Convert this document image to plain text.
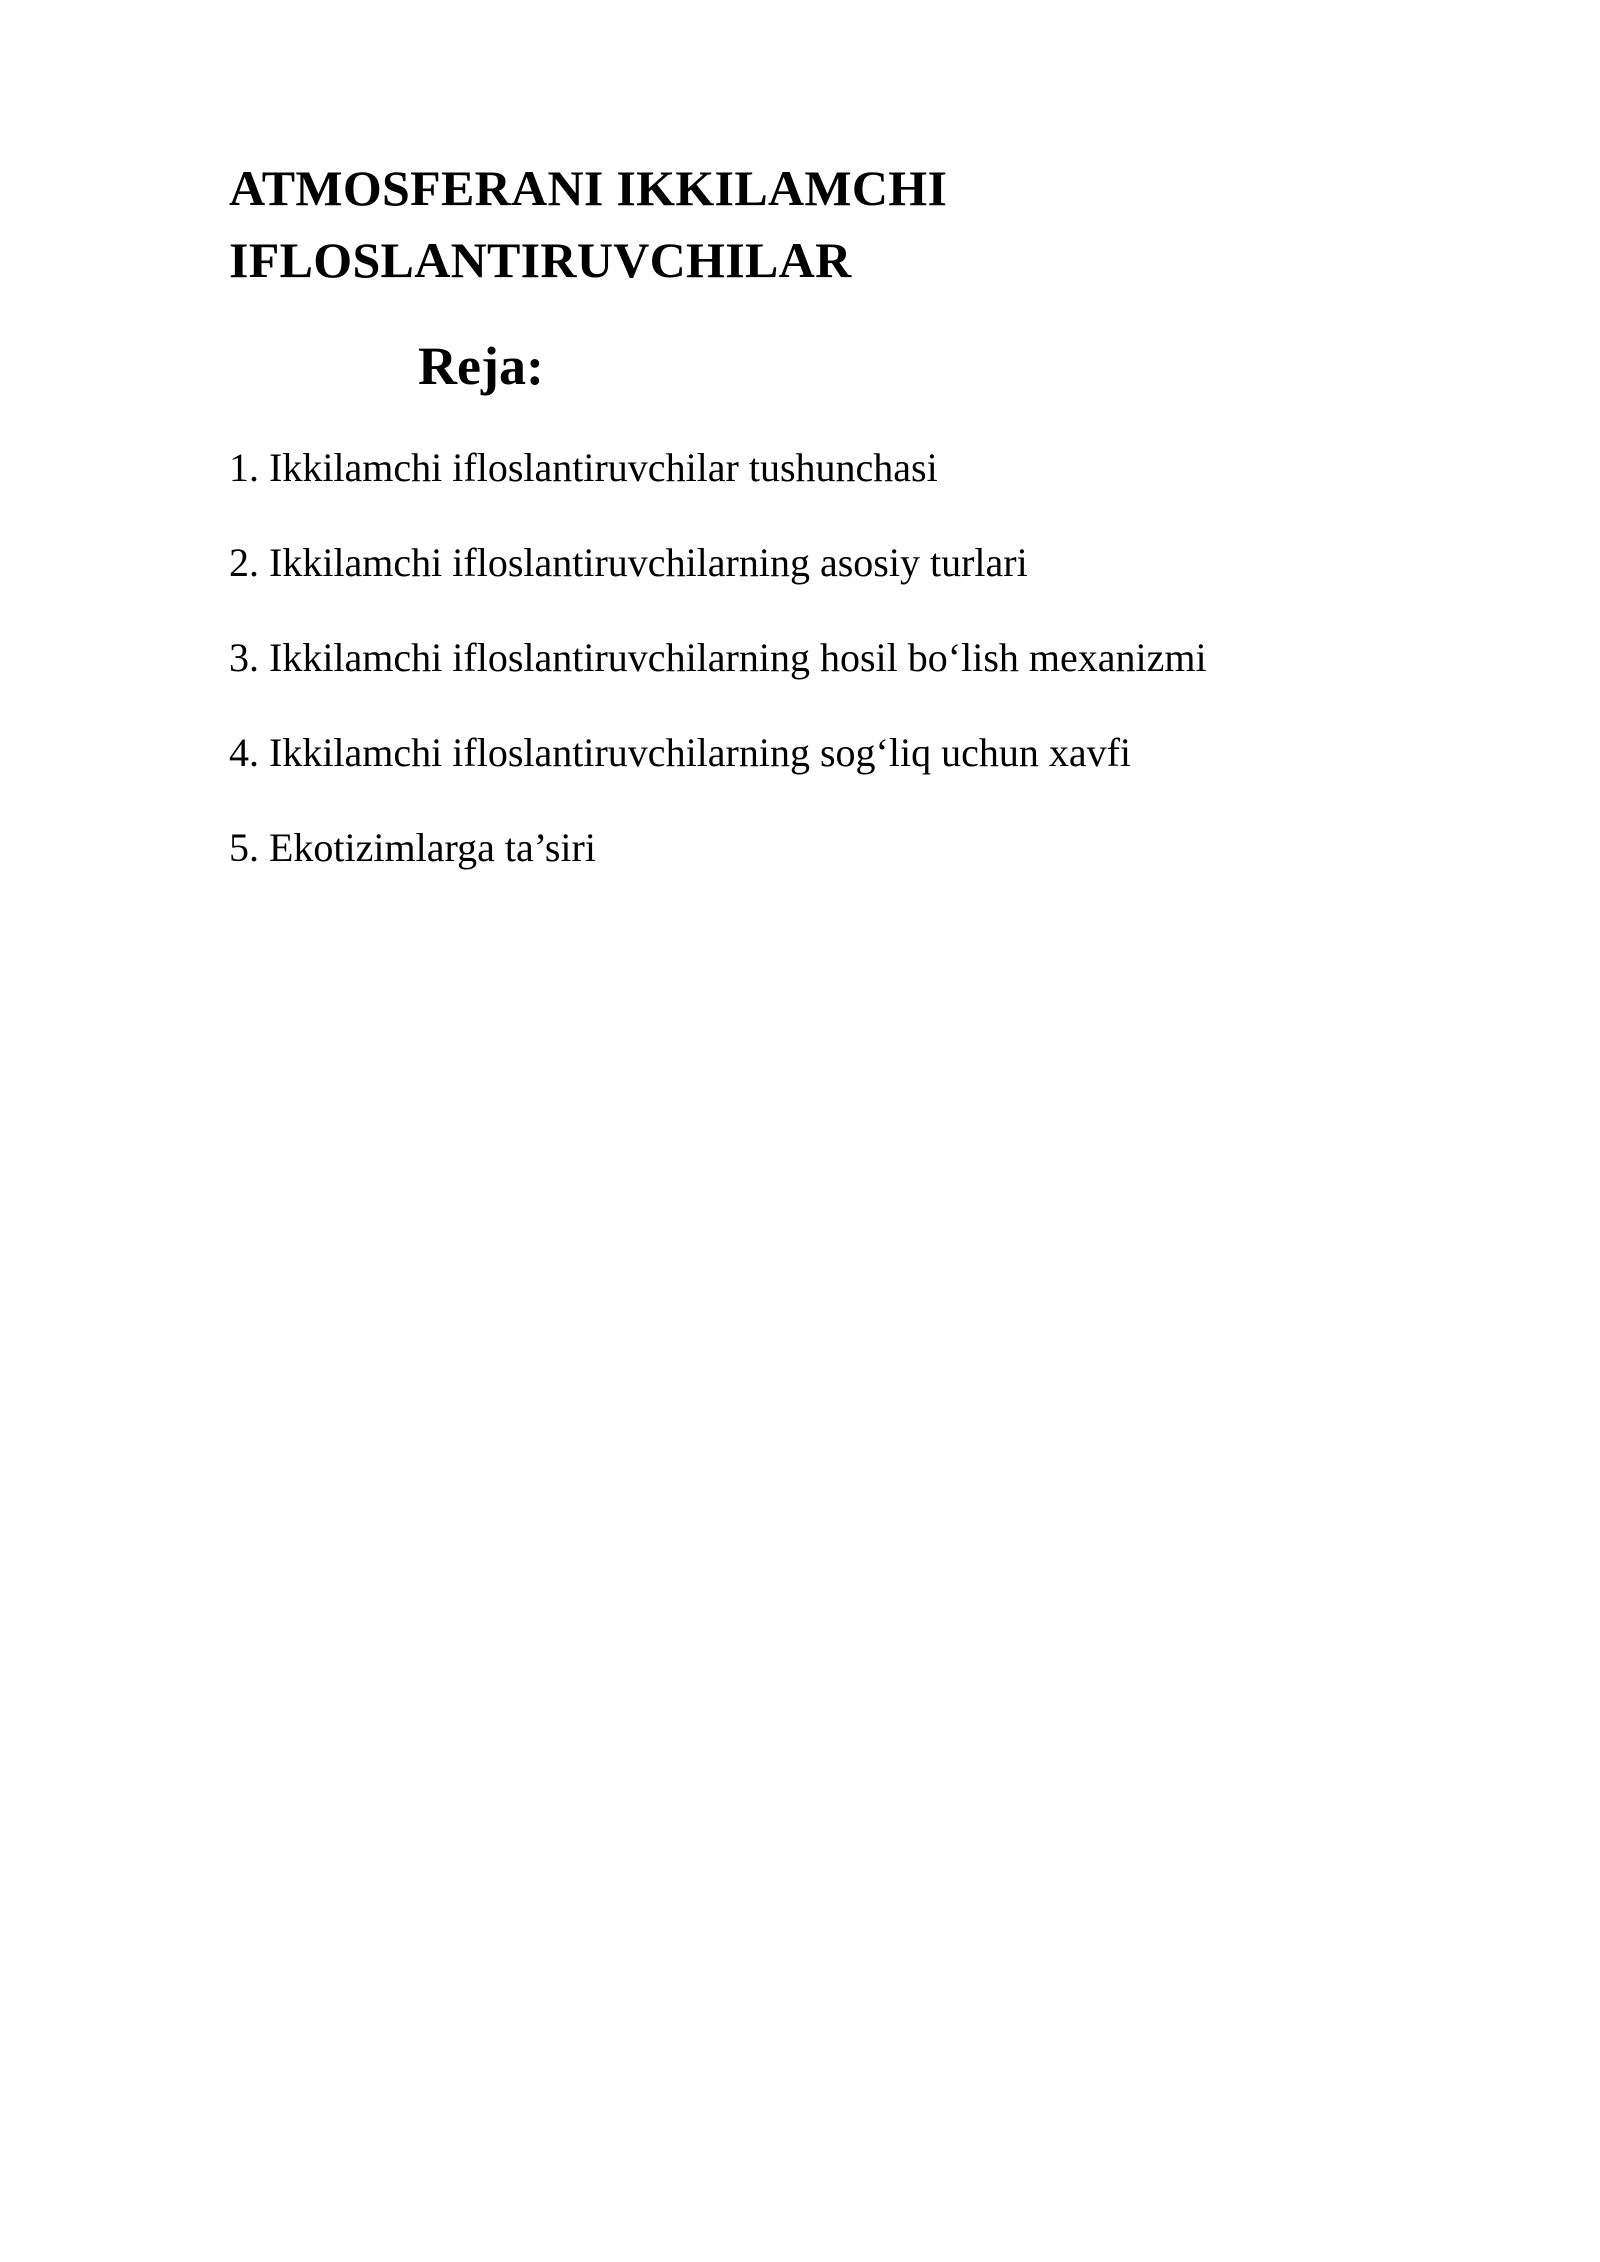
ATMOSFERANI IKKILAMCHI
IFLOSLANTIRUVCHILAR
Reja:
1. Ikkilamchi ifloslantiruvchilar tushunchasi
2. Ikkilamchi ifloslantiruvchilarning asosiy turlari
3. Ikkilamchi ifloslantiruvchilarning hosil bo‘lish mexanizmi
4. Ikkilamchi ifloslantiruvchilarning sog‘liq uchun xavfi
5. Ekotizimlarga ta’siri
